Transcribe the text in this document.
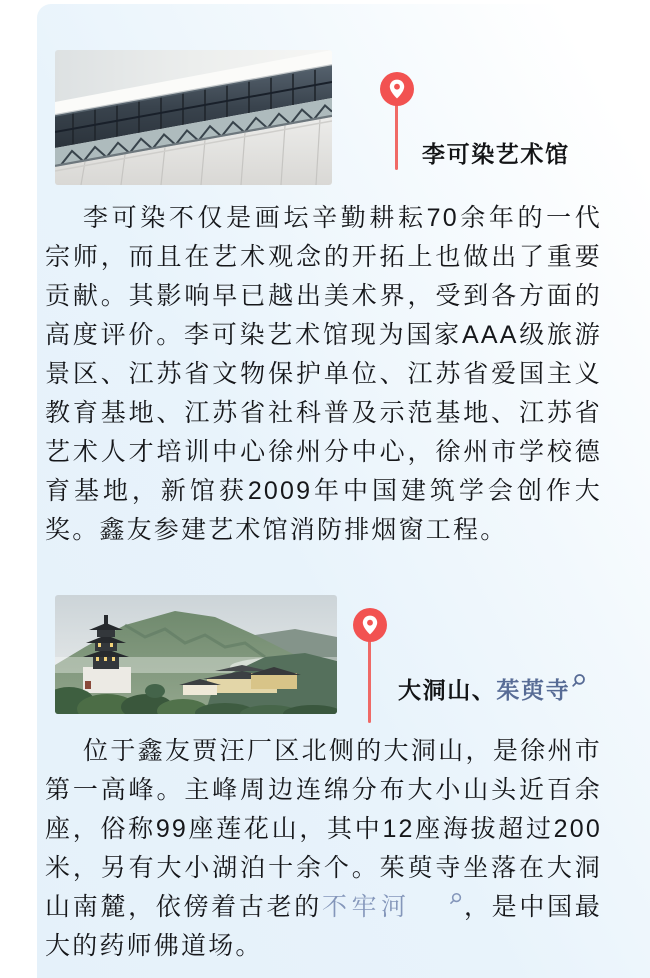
李可染艺术馆

李可染不仅是画坛辛勤耕耘70余年的一代宗师，而且在艺术观念的开拓上也做出了重要贡献。其影响早已越出美术界，受到各方面的高度评价。李可染艺术馆现为国家AAA级旅游景区、江苏省文物保护单位、江苏省爱国主义教育基地、江苏省社科普及示范基地、江苏省艺术人才培训中心徐州分中心，徐州市学校德育基地，新馆获2009年中国建筑学会创作大奖。鑫友参建艺术馆消防排烟窗工程。

大洞山、茱萸寺

位于鑫友贾汪厂区北侧的大洞山，是徐州市第一高峰。主峰周边连绵分布大小山头近百余座，俗称99座莲花山，其中12座海拔超过200米，另有大小湖泊十余个。茱萸寺坐落在大洞山南麓，依傍着古老的不牢河 ，是中国最大的药师佛道场。
